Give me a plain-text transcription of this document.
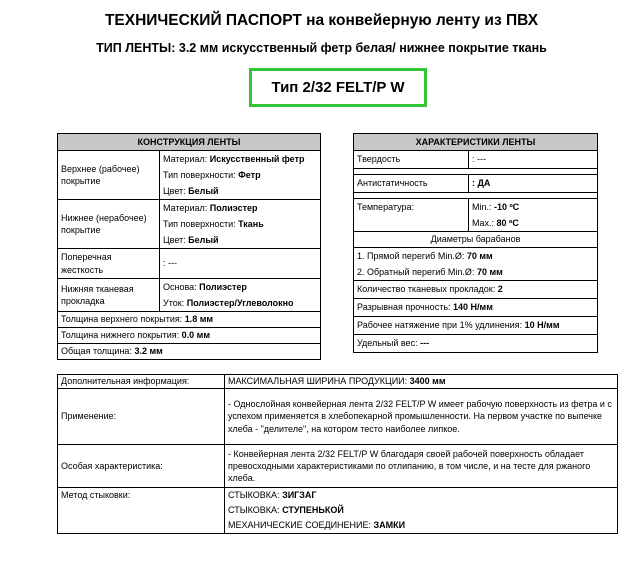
ТЕХНИЧЕСКИЙ ПАСПОРТ на конвейерную ленту из ПВХ
ТИП ЛЕНТЫ: 3.2 мм искусственный фетр белая/ нижнее покрытие ткань
Тип 2/32 FELT/P W
КОНСТРУКЦИЯ ЛЕНТЫ	
Верхнее (рабочее) покрытие	Материал: Искусственный фетр
Тип поверхности: Фетр
Цвет: Белый

Нижнее (нерабочее) покрытие	Материал: Полиэстер
Тип поверхности: Ткань
Цвет: Белый

Поперечная жесткость	: ---
Нижняя тканевая прокладка	Основа: Полиэстер
Уток: Полиэстер/Углеволокно

Толщина верхнего покрытия: 1.8 мм	
Толщина нижнего покрытия: 0.0 мм	
Общая толщина: 3.2 мм	
ХАРАКТЕРИСТИКИ ЛЕНТЫ	
Твердость	: ---

Антистатичность	: ДА

Температура:	Min.: -10 ºC
Max.: 80 ºC

Диаметры барабанов	

1. Прямой перегиб Min.Ø: 70 мм
2. Обратный перегиб Min.Ø: 70 мм	

Количество тканевых прокладок: 2	
Разрывная прочность: 140 Н/мм	
Рабочее натяжение при 1% удлинения: 10 Н/мм	
Удельный вес: ---	
Дополнительная информация:	МАКСИМАЛЬНАЯ ШИРИНА ПРОДУКЦИИ: 3400 мм
Применение:	- Однослойная конвейерная лента 2/32 FELT/P W имеет рабочую поверхность из фетра и с успехом применяется в хлебопекарной промышленности. На первом участке по выпечке хлеба - "делителе", на котором тесто наиболее липкое.
Особая характеристика:	- Конвейерная лента 2/32 FELT/P W благодаря своей рабочей поверхность обладает превосходными характеристиками по отлипанию, в том числе, и на тесте для ржаного хлеба.
Метод стыковки:	СТЫКОВКА: ЗИГЗАГ
СТЫКОВКА: СТУПЕНЬКОЙ
МЕХАНИЧЕСКИЕ СОЕДИНЕНИЕ: ЗАМКИ
